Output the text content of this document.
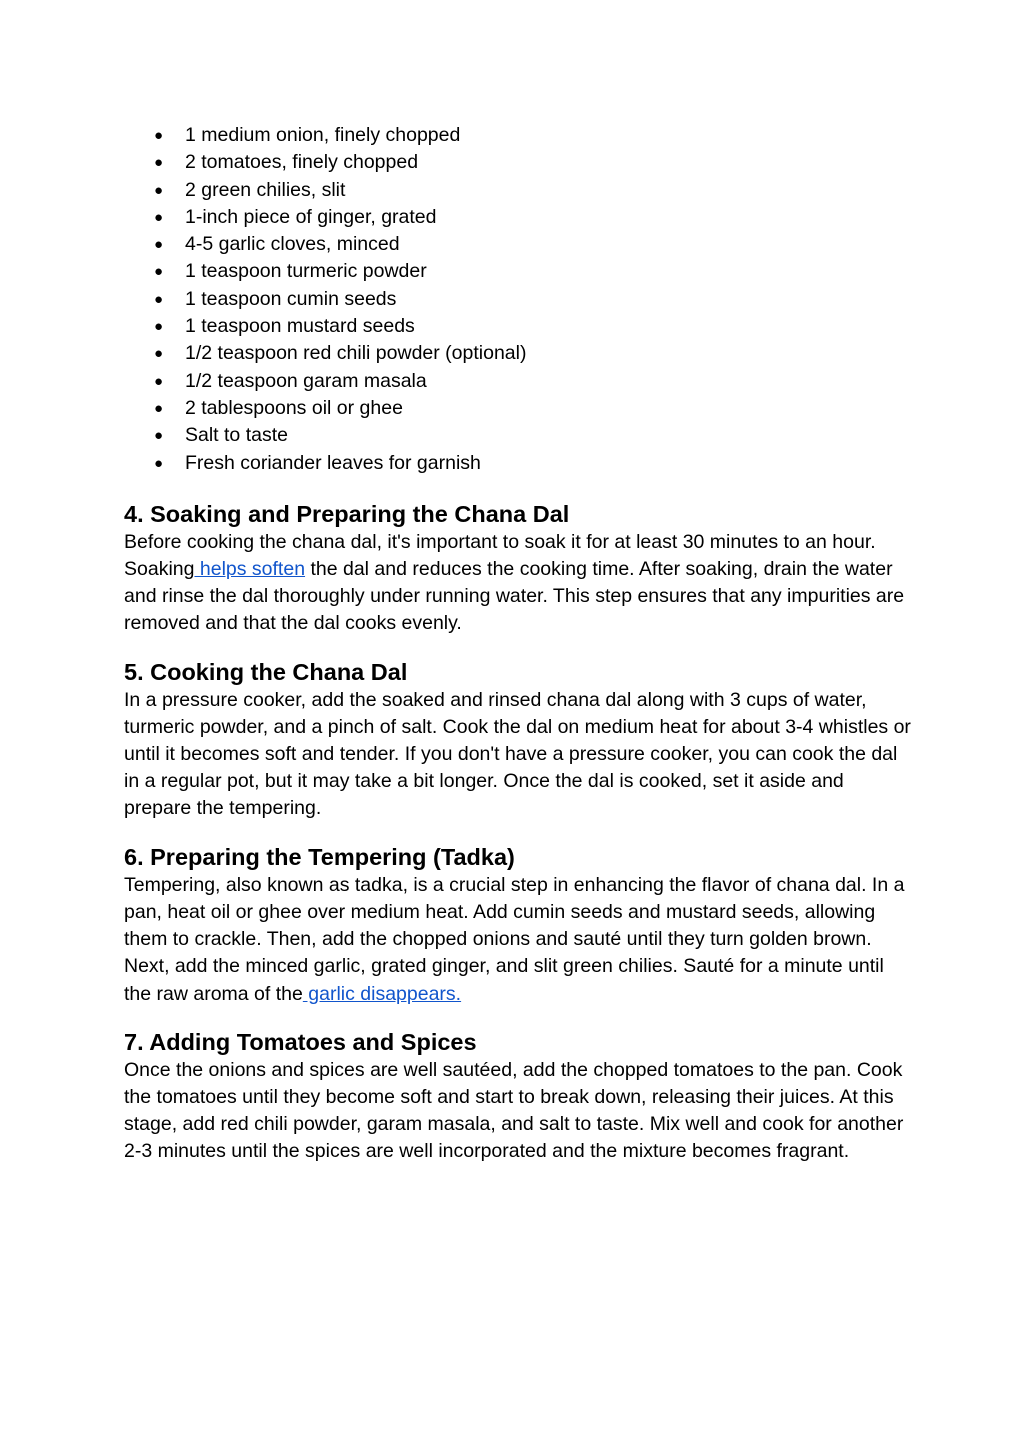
● 1 medium onion, finely chopped
● 2 tomatoes, finely chopped
● 2 green chilies, slit
● 1-inch piece of ginger, grated
● 4-5 garlic cloves, minced
● 1 teaspoon turmeric powder
● 1 teaspoon cumin seeds
● 1 teaspoon mustard seeds
● 1/2 teaspoon red chili powder (optional)
● 1/2 teaspoon garam masala
● 2 tablespoons oil or ghee
● Salt to taste
● Fresh coriander leaves for garnish
4. Soaking and Preparing the Chana Dal

Before cooking the chana dal, it's important to soak it for at least 30 minutes to an hour. Soaking helps soften the dal and reduces the cooking time. After soaking, drain the water and rinse the dal thoroughly under running water. This step ensures that any impurities are removed and that the dal cooks evenly.

5. Cooking the Chana Dal

In a pressure cooker, add the soaked and rinsed chana dal along with 3 cups of water, turmeric powder, and a pinch of salt. Cook the dal on medium heat for about 3-4 whistles or until it becomes soft and tender. If you don't have a pressure cooker, you can cook the dal in a regular pot, but it may take a bit longer. Once the dal is cooked, set it aside and prepare the tempering.

6. Preparing the Tempering (Tadka)

Tempering, also known as tadka, is a crucial step in enhancing the flavor of chana dal. In a pan, heat oil or ghee over medium heat. Add cumin seeds and mustard seeds, allowing them to crackle. Then, add the chopped onions and sauté until they turn golden brown. Next, add the minced garlic, grated ginger, and slit green chilies. Sauté for a minute until the raw aroma of the garlic disappears.

7. Adding Tomatoes and Spices

Once the onions and spices are well sautéed, add the chopped tomatoes to the pan. Cook the tomatoes until they become soft and start to break down, releasing their juices. At this stage, add red chili powder, garam masala, and salt to taste. Mix well and cook for another 2-3 minutes until the spices are well incorporated and the mixture becomes fragrant.
